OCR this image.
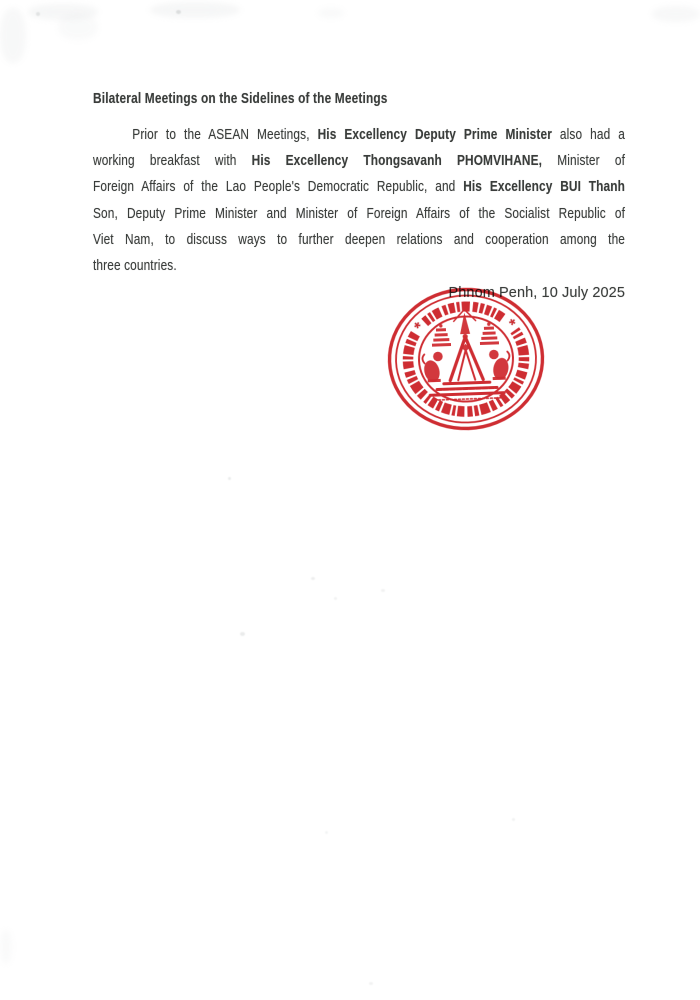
Bilateral Meetings on the Sidelines of the Meetings
Prior to the ASEAN Meetings, His Excellency Deputy Prime Minister also had a
working breakfast with His Excellency Thongsavanh PHOMVIHANE, Minister of
Foreign Affairs of the Lao People's Democratic Republic, and His Excellency BUI Thanh
Son, Deputy Prime Minister and Minister of Foreign Affairs of the Socialist Republic of
Viet Nam, to discuss ways to further deepen relations and cooperation among the
three countries.
Phnom Penh, 10 July 2025
*	*
